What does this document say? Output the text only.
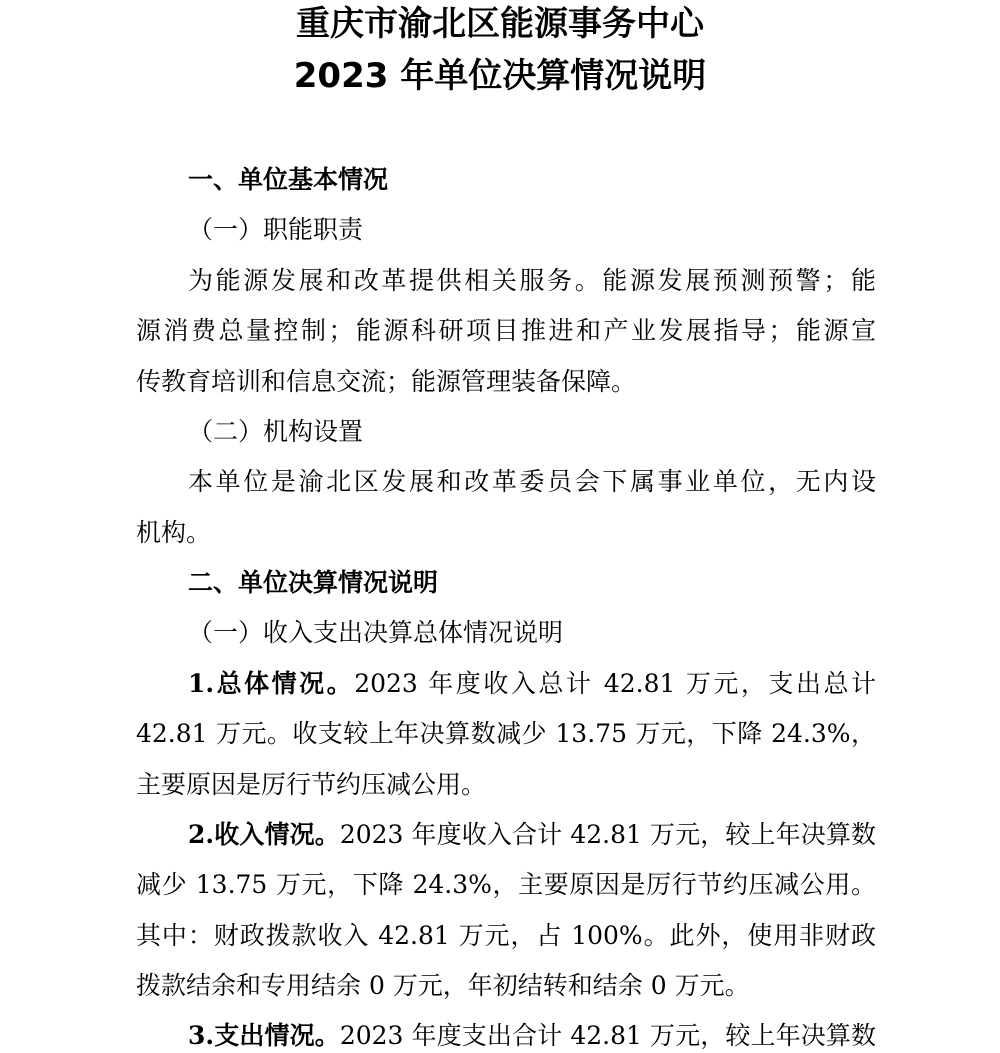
重庆市渝北区能源事务中心
2023 年单位决算情况说明
一、单位基本情况
（一）职能职责
为能源发展和改革提供相关服务。能源发展预测预警；能
源消费总量控制；能源科研项目推进和产业发展指导；能源宣
传教育培训和信息交流；能源管理装备保障。
（二）机构设置
本单位是渝北区发展和改革委员会下属事业单位，无内设
机构。
二、单位决算情况说明
（一）收入支出决算总体情况说明
1.总体情况。2023 年度收入总计 42.81 万元，支出总计
42.81 万元。收支较上年决算数减少 13.75 万元，下降 24.3%，
主要原因是厉行节约压减公用。
2.收入情况。2023 年度收入合计 42.81 万元，较上年决算数
减少 13.75 万元，下降 24.3%，主要原因是厉行节约压减公用。
其中：财政拨款收入 42.81 万元，占 100%。此外，使用非财政
拨款结余和专用结余 0 万元，年初结转和结余 0 万元。
3.支出情况。2023 年度支出合计 42.81 万元，较上年决算数
